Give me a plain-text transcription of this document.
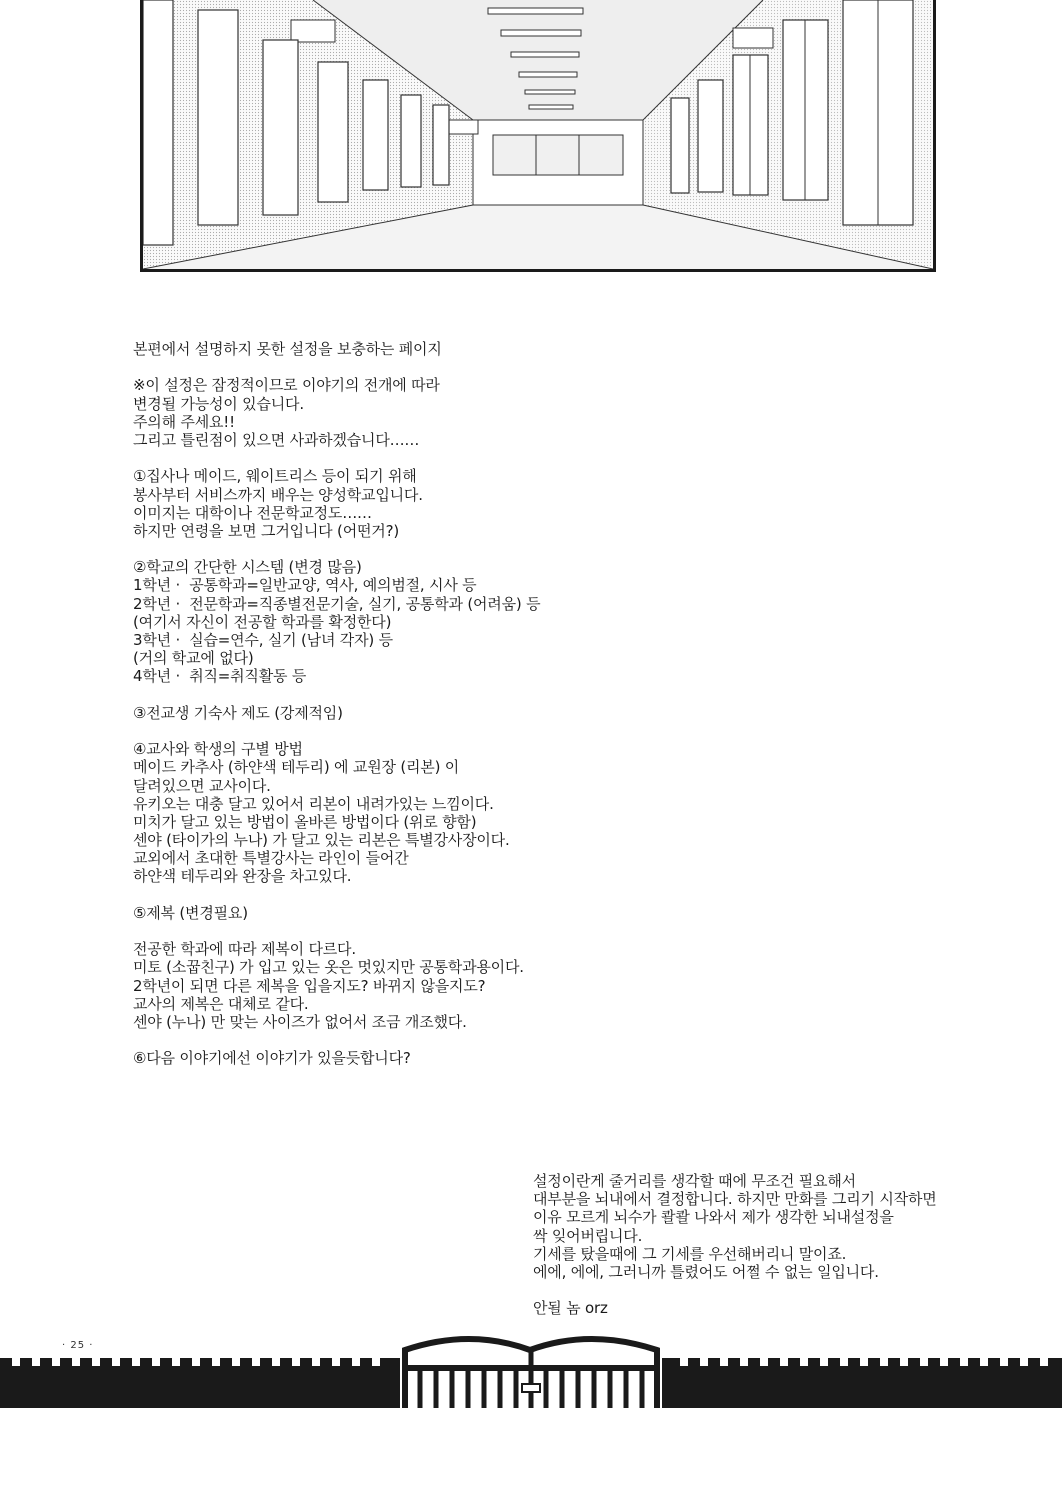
본편에서 설명하지 못한 설정을 보충하는 페이지
※이 설정은 잠정적이므로 이야기의 전개에 따라
변경될 가능성이 있습니다.
주의해 주세요!!
그리고 틀린점이 있으면 사과하겠습니다……
①집사나 메이드, 웨이트리스 등이 되기 위해
봉사부터 서비스까지 배우는 양성학교입니다.
이미지는 대학이나 전문학교정도……
하지만 연령을 보면 그거입니다 (어떤거?)
②학교의 간단한 시스템 (변경 많음)
1학년 ·  공통학과=일반교양, 역사, 예의범절, 시사 등
2학년 ·  전문학과=직종별전문기술, 실기, 공통학과 (어려움) 등
(여기서 자신이 전공할 학과를 확정한다)
3학년 ·  실습=연수, 실기 (남녀 각자) 등
(거의 학교에 없다)
4학년 ·  취직=취직활동 등
③전교생 기숙사 제도 (강제적임)
④교사와 학생의 구별 방법
메이드 카추사 (하얀색 테두리) 에 교원장 (리본) 이
달려있으면 교사이다.
유키오는 대충 달고 있어서 리본이 내려가있는 느낌이다.
미치가 달고 있는 방법이 올바른 방법이다 (위로 향함)
센야 (타이가의 누나) 가 달고 있는 리본은 특별강사장이다.
교외에서 초대한 특별강사는 라인이 들어간
하얀색 테두리와 완장을 차고있다.
⑤제복 (변경필요)
전공한 학과에 따라 제복이 다르다.
미토 (소꿉친구) 가 입고 있는 옷은 멋있지만 공통학과용이다.
2학년이 되면 다른 제복을 입을지도? 바뀌지 않을지도?
교사의 제복은 대체로 같다.
센야 (누나) 만 맞는 사이즈가 없어서 조금 개조했다.
⑥다음 이야기에선 이야기가 있을듯합니다?
설정이란게 줄거리를 생각할 때에 무조건 필요해서
대부분을 뇌내에서 결정합니다. 하지만 만화를 그리기 시작하면
이유 모르게 뇌수가 콸콸 나와서 제가 생각한 뇌내설정을
싹 잊어버립니다.
기세를 탔을때에 그 기세를 우선해버리니 말이죠.
에에, 에에, 그러니까 틀렸어도 어쩔 수 없는 일입니다.
안될 놈 orz
· 25 ·
